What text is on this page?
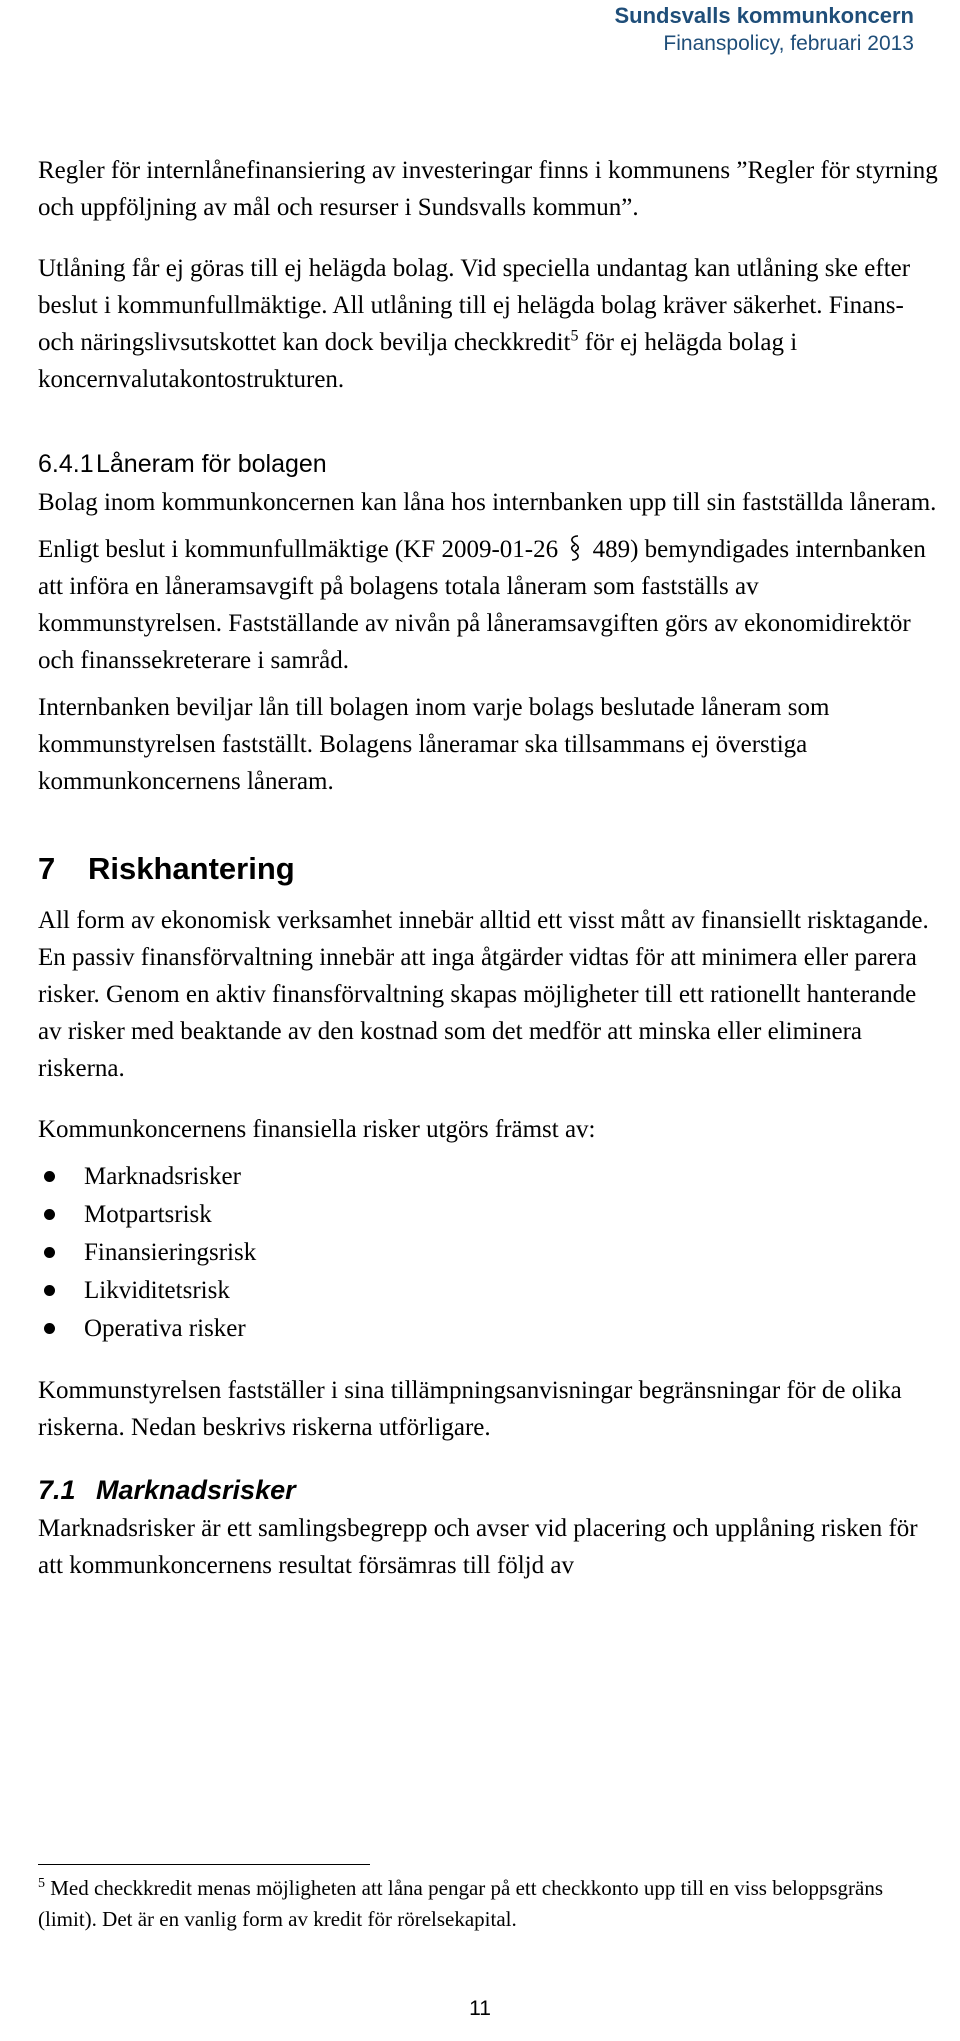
Sundsvalls kommunkoncern
Finanspolicy, februari 2013

Regler för internlånefinansiering av investeringar finns i kommunens ”Regler för styrning och uppföljning av mål och resurser i Sundsvalls kommun”.

Utlåning får ej göras till ej helägda bolag. Vid speciella undantag kan utlåning ske efter beslut i kommunfullmäktige. All utlåning till ej helägda bolag kräver säkerhet. Finans- och näringslivsutskottet kan dock bevilja checkkredit$^5$ för ej helägda bolag i koncernvalutakontostrukturen.

6.4.1Låneram för bolagen

Bolag inom kommunkoncernen kan låna hos internbanken upp till sin fastställda låneram.

Enligt beslut i kommunfullmäktige (KF 2009-01-26
489) bemyndigades internbanken att införa en låneramsavgift på bolagens totala låneram som fastställs av kommunstyrelsen. Fastställande av nivån på låneramsavgiften görs av ekonomidirektör och finanssekreterare i samråd.

Internbanken beviljar lån till bolagen inom varje bolags beslutade låneram som kommunstyrelsen fastställt. Bolagens låneramar ska tillsammans ej överstiga kommunkoncernens låneram.

7 Riskhantering

All form av ekonomisk verksamhet innebär alltid ett visst mått av finansiellt risktagande. En passiv finansförvaltning innebär att inga åtgärder vidtas för att minimera eller parera risker. Genom en aktiv finansförvaltning skapas möjligheter till ett rationellt hanterande av risker med beaktande av den kostnad som det medför att minska eller eliminera riskerna.

Kommunkoncernens finansiella risker utgörs främst av:

Marknadsrisker
Motpartsrisk
Finansieringsrisk
Likviditetsrisk
Operativa risker

Kommunstyrelsen fastställer i sina tillämpningsanvisningar begränsningar för de olika riskerna. Nedan beskrivs riskerna utförligare.

7.1 Marknadsrisker

Marknadsrisker är ett samlingsbegrepp och avser vid placering och upplåning risken för att kommunkoncernens resultat försämras till följd av

$^5$ Med checkkredit menas möjligheten att låna pengar på ett checkkonto upp till en viss beloppsgräns (limit). Det är en vanlig form av kredit för rörelsekapital.
11
